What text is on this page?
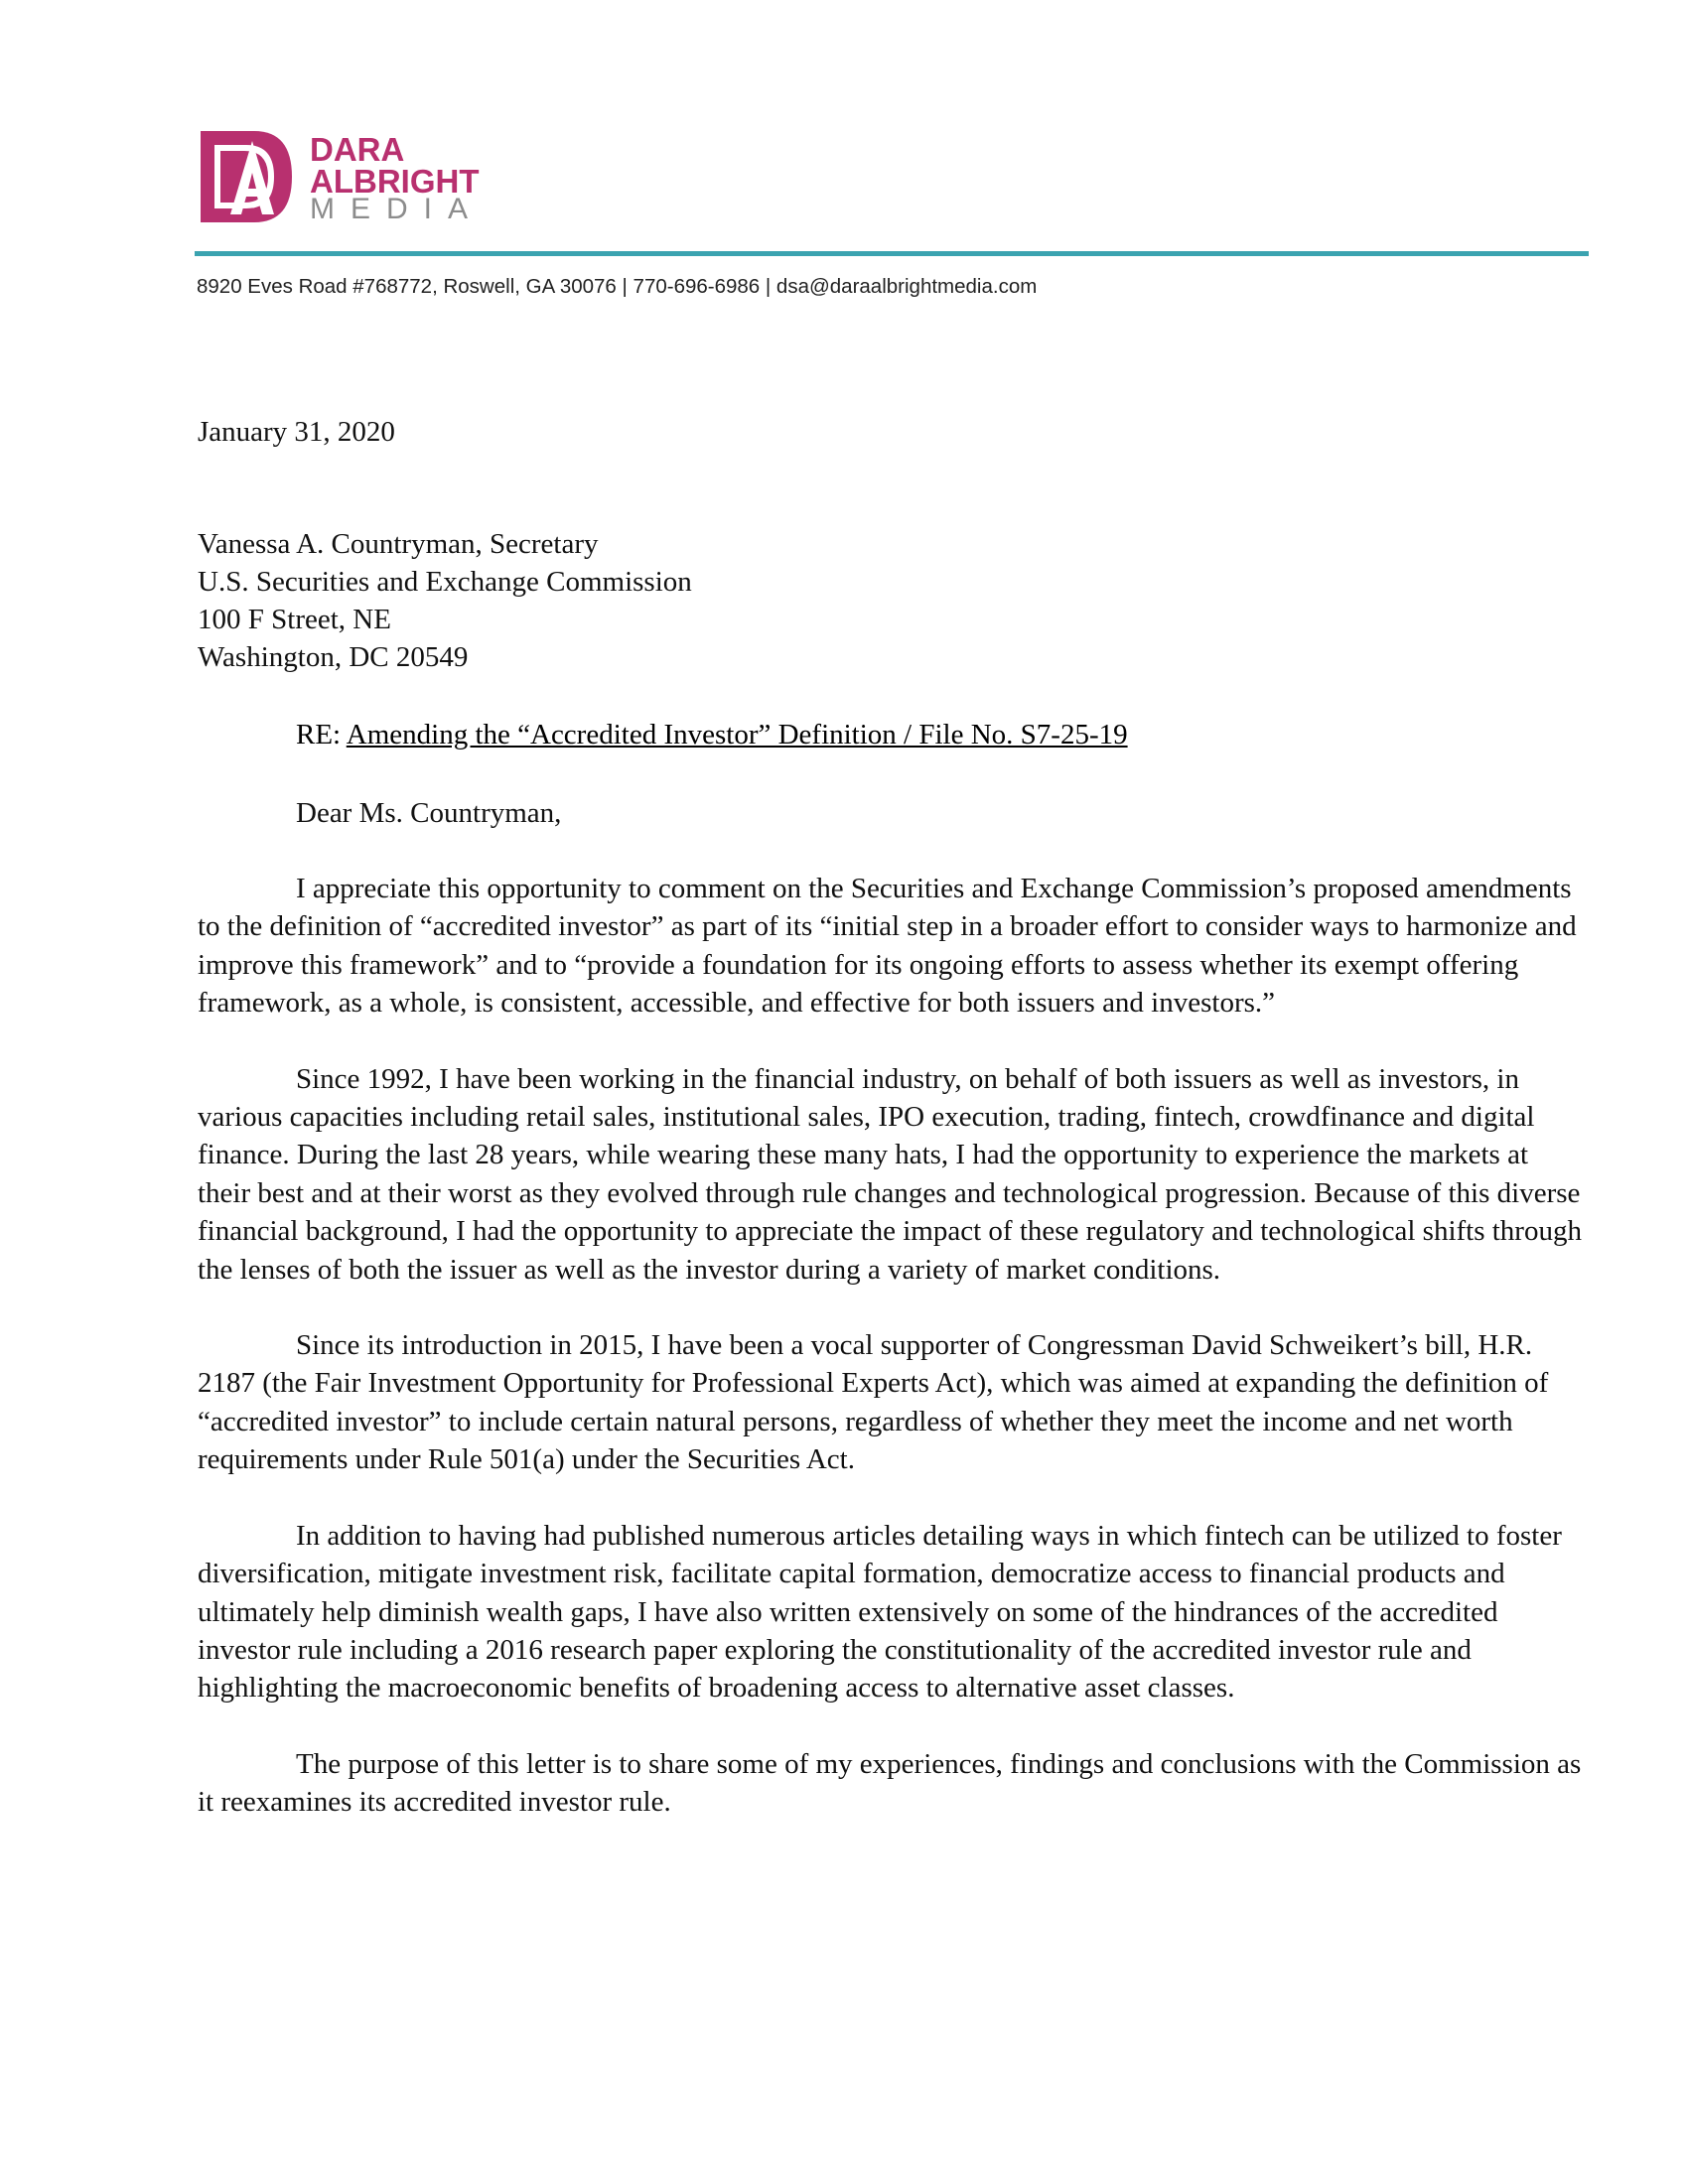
DARA
ALBRIGHT
MEDIA
8920 Eves Road #768772, Roswell, GA 30076 | 770-696-6986 | dsa@daraalbrightmedia.com
January 31, 2020
Vanessa A. Countryman, Secretary
U.S. Securities and Exchange Commission
100 F Street, NE
Washington, DC 20549
RE: Amending the “Accredited Investor” Definition / File No. S7-25-19
Dear Ms. Countryman,

I appreciate this opportunity to comment on the Securities and Exchange Commission’s proposed amendments to the definition of “accredited investor” as part of its “initial step in a broader effort to consider ways to harmonize and improve this framework” and to “provide a foundation for its ongoing efforts to assess whether its exempt offering framework, as a whole, is consistent, accessible, and effective for both issuers and investors.”

Since 1992, I have been working in the financial industry, on behalf of both issuers as well as investors, in various capacities including retail sales, institutional sales, IPO execution, trading, fintech, crowdfinance and digital finance. During the last 28 years, while wearing these many hats, I had the opportunity to experience the markets at their best and at their worst as they evolved through rule changes and technological progression. Because of this diverse financial background, I had the opportunity to appreciate the impact of these regulatory and technological shifts through the lenses of both the issuer as well as the investor during a variety of market conditions.

Since its introduction in 2015, I have been a vocal supporter of Congressman David Schweikert’s bill, H.R. 2187 (the Fair Investment Opportunity for Professional Experts Act), which was aimed at expanding the definition of “accredited investor” to include certain natural persons, regardless of whether they meet the income and net worth requirements under Rule 501(a) under the Securities Act.

In addition to having had published numerous articles detailing ways in which fintech can be utilized to foster diversification, mitigate investment risk, facilitate capital formation, democratize access to financial products and ultimately help diminish wealth gaps, I have also written extensively on some of the hindrances of the accredited investor rule including a 2016 research paper exploring the constitutionality of the accredited investor rule and highlighting the macroeconomic benefits of broadening access to alternative asset classes.

The purpose of this letter is to share some of my experiences, findings and conclusions with the Commission as it reexamines its accredited investor rule.
